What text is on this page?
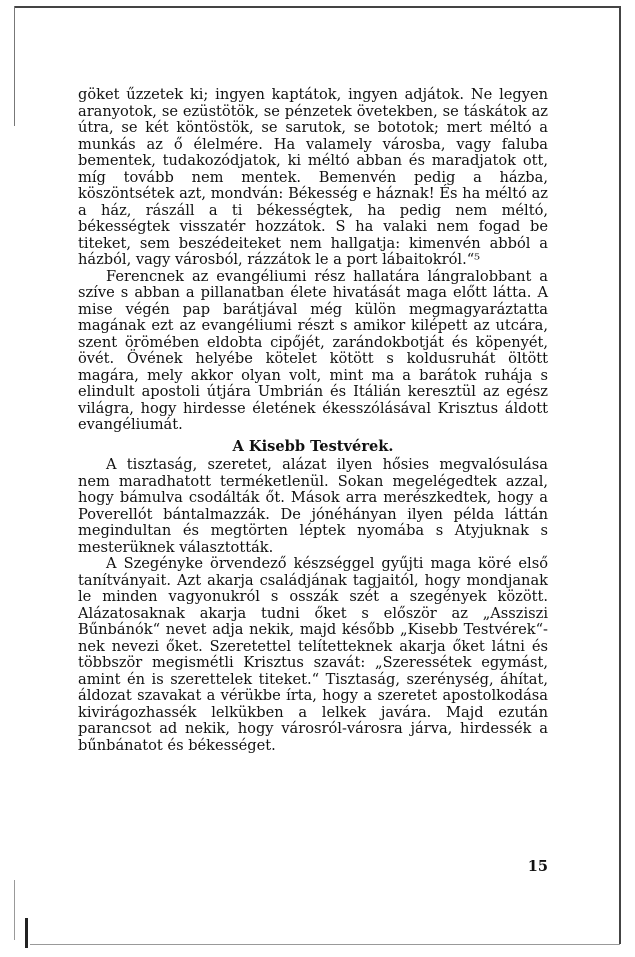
göket űzzetek ki; ingyen kaptátok, ingyen adjátok. Ne legyen aranyotok, se ezüstötök, se pénzetek övetekben, se táskátok az útra, se két köntöstök, se sarutok, se bototok; mert méltó a munkás az ő élelmére. Ha valamely városba, vagy faluba bementek, tudakozódjatok, ki méltó abban és maradjatok ott, míg tovább nem mentek. Bemenvén pedig a házba, köszöntsétek azt, mondván: Békesség e háznak! És ha méltó az a ház, rászáll a ti békességtek, ha pedig nem méltó, békességtek visszatér hozzátok. S ha valaki nem fogad be titeket, sem beszédeiteket nem hallgatja: kimenvén abból a házból, vagy városból, rázzátok le a port lábaitokról.“⁵

Ferencnek az evangéliumi rész hallatára lángralobbant a szíve s abban a pillanatban élete hivatását maga előtt látta. A mise végén pap barátjával még külön megmagyaráztatta magának ezt az evangéliumi részt s amikor kilépett az utcára, szent örömében eldobta cipőjét, zarándokbotját és köpenyét, övét. Övének helyébe kötelet kötött s koldusruhát öltött magára, mely akkor olyan volt, mint ma a barátok ruhája s elindult apostoli útjára Umbrián és Itálián keresztül az egész világra, hogy hirdesse életének ékesszólásával Krisztus áldott evangéliumát.

A Kisebb Testvérek.

A tisztaság, szeretet, alázat ilyen hősies megvalósulása nem maradhatott terméketlenül. Sokan megelégedtek azzal, hogy bámulva csodálták őt. Mások arra merészkedtek, hogy a Poverellót bántalmazzák. De jónéhányan ilyen példa láttán megindultan és megtörten léptek nyomába s Atyjuknak s mesterüknek választották.

A Szegényke örvendező készséggel gyűjti maga köré első tanítványait. Azt akarja családjának tagjaitól, hogy mondjanak le minden vagyonukról s osszák szét a szegények között. Alázatosaknak akarja tudni őket s először az „Assziszi Bűnbánók“ nevet adja nekik, majd később „Kisebb Testvérek“-nek nevezi őket. Szeretettel telítetteknek akarja őket látni és többször megismétli Krisztus szavát: „Szeressétek egymást, amint én is szerettelek titeket.“ Tisztaság, szerénység, áhítat, áldozat szavakat a vérükbe írta, hogy a szeretet apostolkodása kivirágozhassék lelkükben a lelkek javára. Majd ezután parancsot ad nekik, hogy városról-városra járva, hirdessék a bűnbánatot és békességet.

15
